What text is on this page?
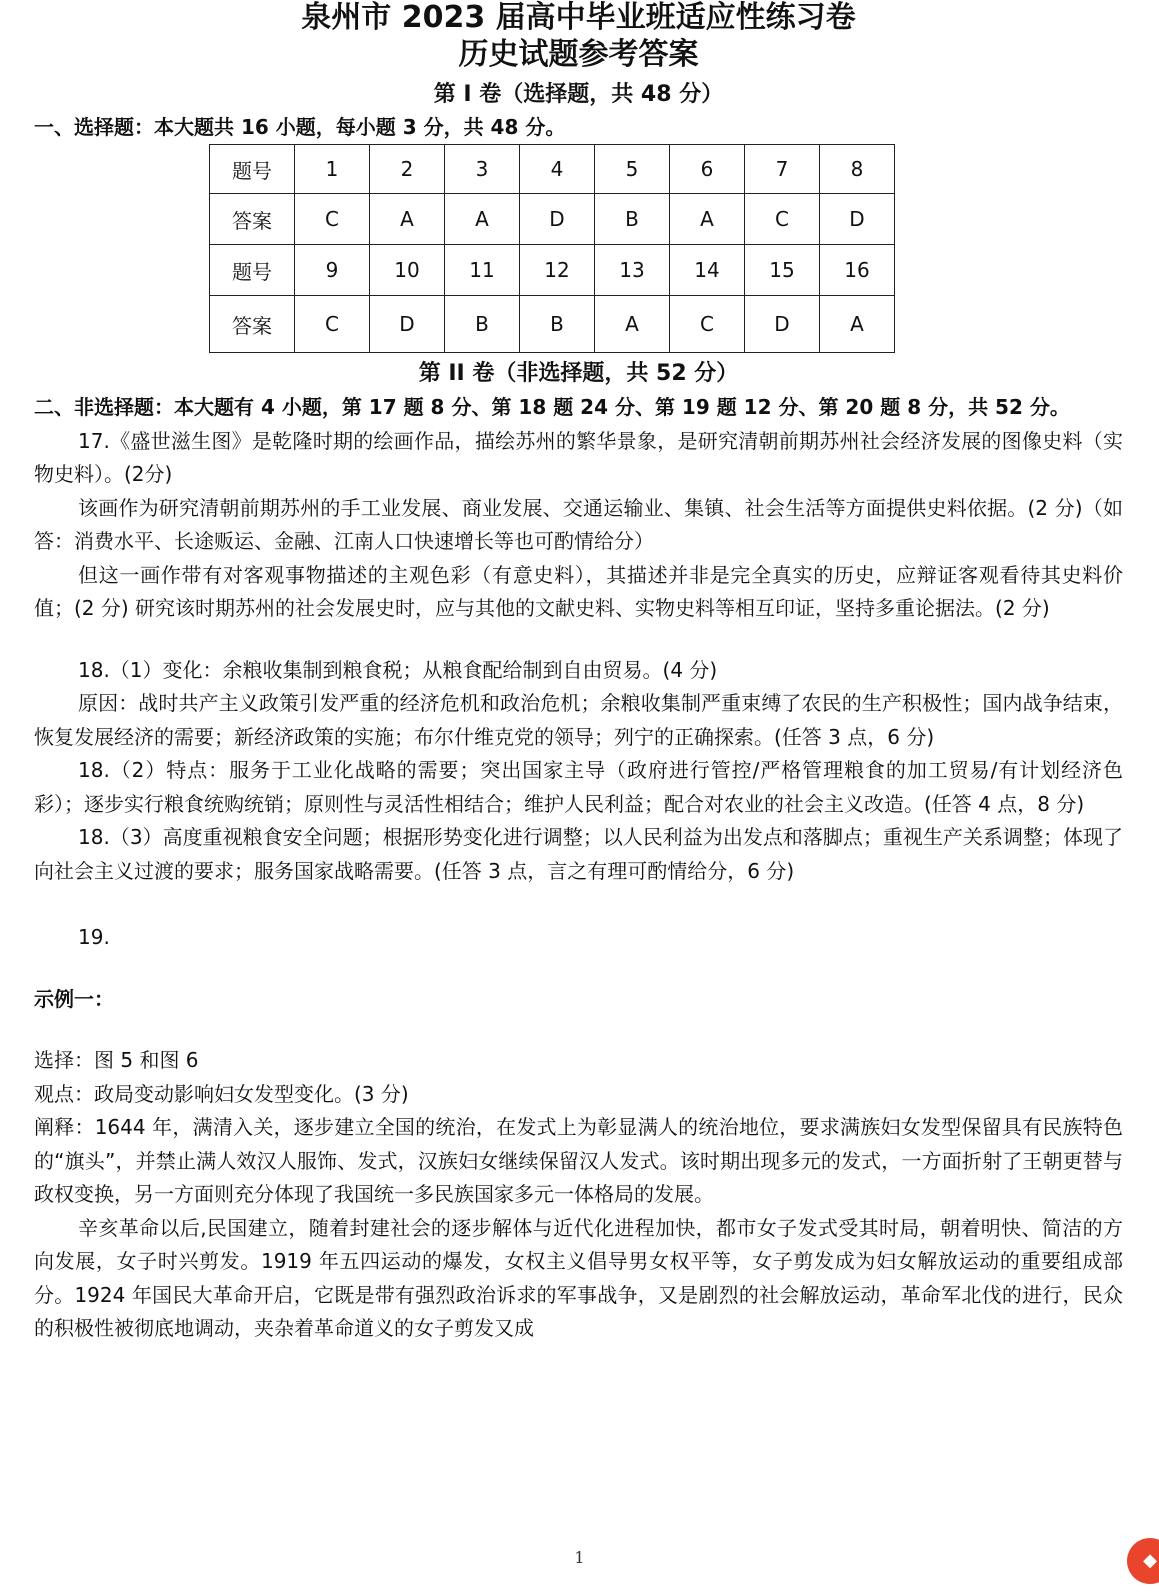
泉州市 2023 届高中毕业班适应性练习卷
历史试题参考答案
第 I 卷（选择题，共 48 分）
一、选择题：本大题共 16 小题，每小题 3 分，共 48 分。
题号	1	2	3	4	5	6	7	8
答案	C	A	A	D	B	A	C	D
题号	9	10	11	12	13	14	15	16
答案	C	D	B	B	A	C	D	A
第 II 卷（非选择题，共 52 分）

二、非选择题：本大题有 4 小题，第 17 题 8 分、第 18 题 24 分、第 19 题 12 分、第 20 题 8 分，共 52 分。

17.《盛世滋生图》是乾隆时期的绘画作品，描绘苏州的繁华景象，是研究清朝前期苏州社会经济发展的图像史料（实物史料）。(2分)

该画作为研究清朝前期苏州的手工业发展、商业发展、交通运输业、集镇、社会生活等方面提供史料依据。(2 分)（如答：消费水平、长途贩运、金融、江南人口快速增长等也可酌情给分）

但这一画作带有对客观事物描述的主观色彩（有意史料），其描述并非是完全真实的历史，应辩证客观看待其史料价值；(2 分) 研究该时期苏州的社会发展史时，应与其他的文献史料、实物史料等相互印证，坚持多重论据法。(2 分)

18.（1）变化：余粮收集制到粮食税；从粮食配给制到自由贸易。(4 分)

原因：战时共产主义政策引发严重的经济危机和政治危机；余粮收集制严重束缚了农民的生产积极性；国内战争结束，恢复发展经济的需要；新经济政策的实施；布尔什维克党的领导；列宁的正确探索。(任答 3 点，6 分)

18.（2）特点：服务于工业化战略的需要；突出国家主导（政府进行管控/严格管理粮食的加工贸易/有计划经济色彩）；逐步实行粮食统购统销；原则性与灵活性相结合；维护人民利益；配合对农业的社会主义改造。(任答 4 点，8 分)

18.（3）高度重视粮食安全问题；根据形势变化进行调整；以人民利益为出发点和落脚点；重视生产关系调整；体现了向社会主义过渡的要求；服务国家战略需要。(任答 3 点，言之有理可酌情给分，6 分)

19.

示例一：

选择：图 5 和图 6

观点：政局变动影响妇女发型变化。(3 分)

阐释：1644 年，满清入关，逐步建立全国的统治，在发式上为彰显满人的统治地位，要求满族妇女发型保留具有民族特色的“旗头”，并禁止满人效汉人服饰、发式，汉族妇女继续保留汉人发式。该时期出现多元的发式，一方面折射了王朝更替与政权变换，另一方面则充分体现了我国统一多民族国家多元一体格局的发展。

辛亥革命以后,民国建立，随着封建社会的逐步解体与近代化进程加快，都市女子发式受其时局，朝着明快、简洁的方向发展，女子时兴剪发。1919 年五四运动的爆发，女权主义倡导男女权平等，女子剪发成为妇女解放运动的重要组成部分。1924 年国民大革命开启，它既是带有强烈政治诉求的军事战争，又是剧烈的社会解放运动，革命军北伐的进行，民众的积极性被彻底地调动，夹杂着革命道义的女子剪发又成

1	◆
